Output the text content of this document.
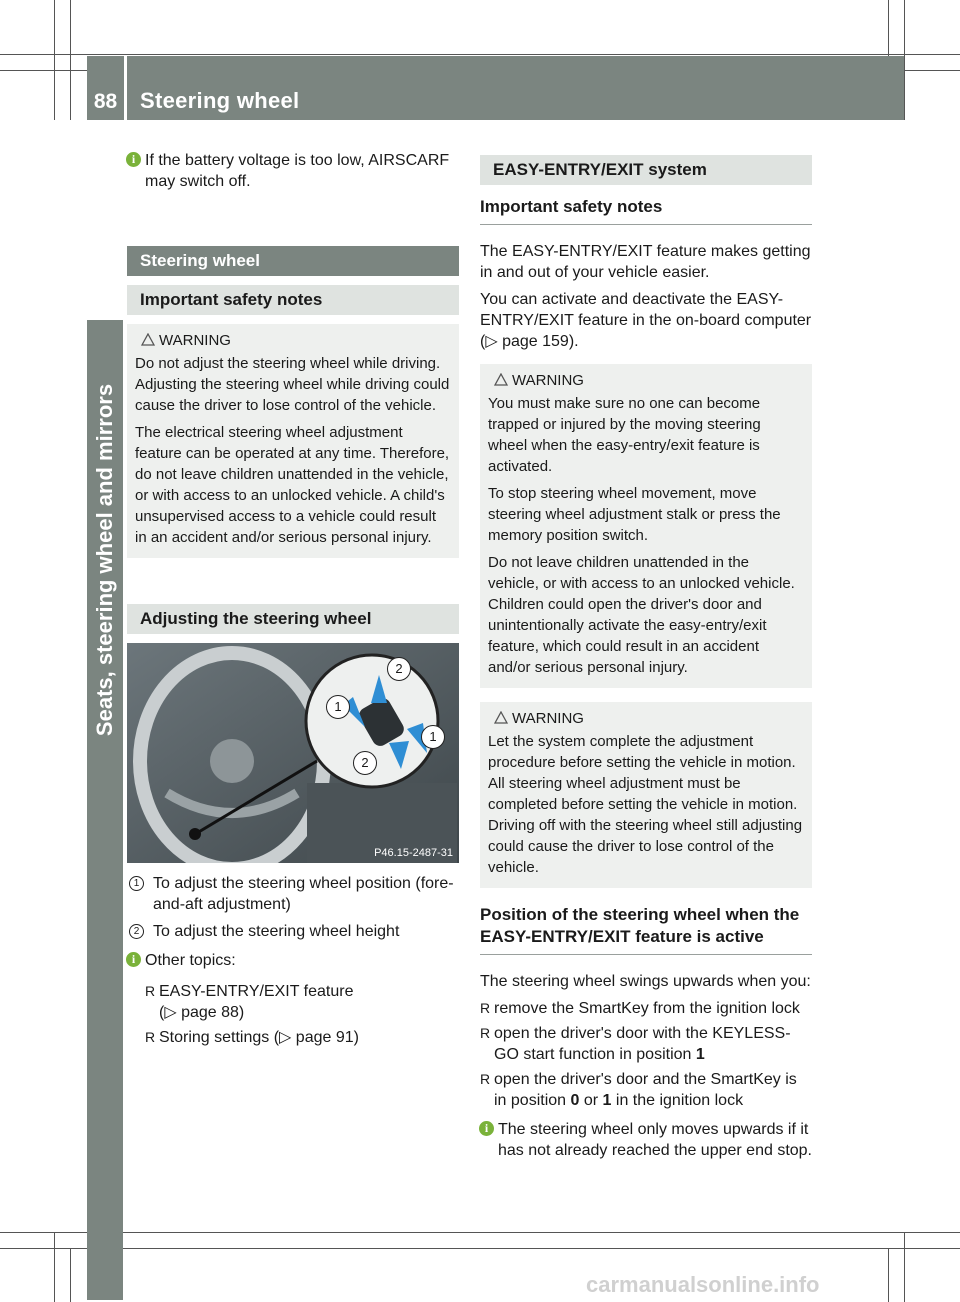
88	Steering wheel
Seats, steering wheel and mirrors
i If the battery voltage is too low, AIRSCARF may switch off.

Steering wheel
Important safety notes
WARNING

Do not adjust the steering wheel while driving. Adjusting the steering wheel while driving could cause the driver to lose control of the vehicle.

The electrical steering wheel adjustment feature can be operated at any time. Therefore, do not leave children unattended in the vehicle, or with access to an unlocked vehicle. A child's unsupervised access to a vehicle could result in an accident and/or serious personal injury.

Adjusting the steering wheel
1
2
1
2
P46.15-2487-31
1 To adjust the steering wheel position (fore-and-aft adjustment)

2 To adjust the steering wheel height

i Other topics:

R EASY-ENTRY/EXIT feature
(▷ page 88)

R Storing settings (▷ page 91)

EASY-ENTRY/EXIT system
Important safety notes

The EASY-ENTRY/EXIT feature makes getting in and out of your vehicle easier.

You can activate and deactivate the EASY-ENTRY/EXIT feature in the on-board computer (▷ page 159).

WARNING

You must make sure no one can become trapped or injured by the moving steering wheel when the easy-entry/exit feature is activated.

To stop steering wheel movement, move steering wheel adjustment stalk or press the memory position switch.

Do not leave children unattended in the vehicle, or with access to an unlocked vehicle. Children could open the driver's door and unintentionally activate the easy-entry/exit feature, which could result in an accident and/or serious personal injury.

WARNING

Let the system complete the adjustment procedure before setting the vehicle in motion. All steering wheel adjustment must be completed before setting the vehicle in motion. Driving off with the steering wheel still adjusting could cause the driver to lose control of the vehicle.

Position of the steering wheel when the EASY-ENTRY/EXIT feature is active

The steering wheel swings upwards when you:

R remove the SmartKey from the ignition lock

R open the driver's door with the KEYLESS-GO start function in position 1

R open the driver's door and the SmartKey is in position 0 or 1 in the ignition lock

i The steering wheel only moves upwards if it has not already reached the upper end stop.

carmanualsonline.info
